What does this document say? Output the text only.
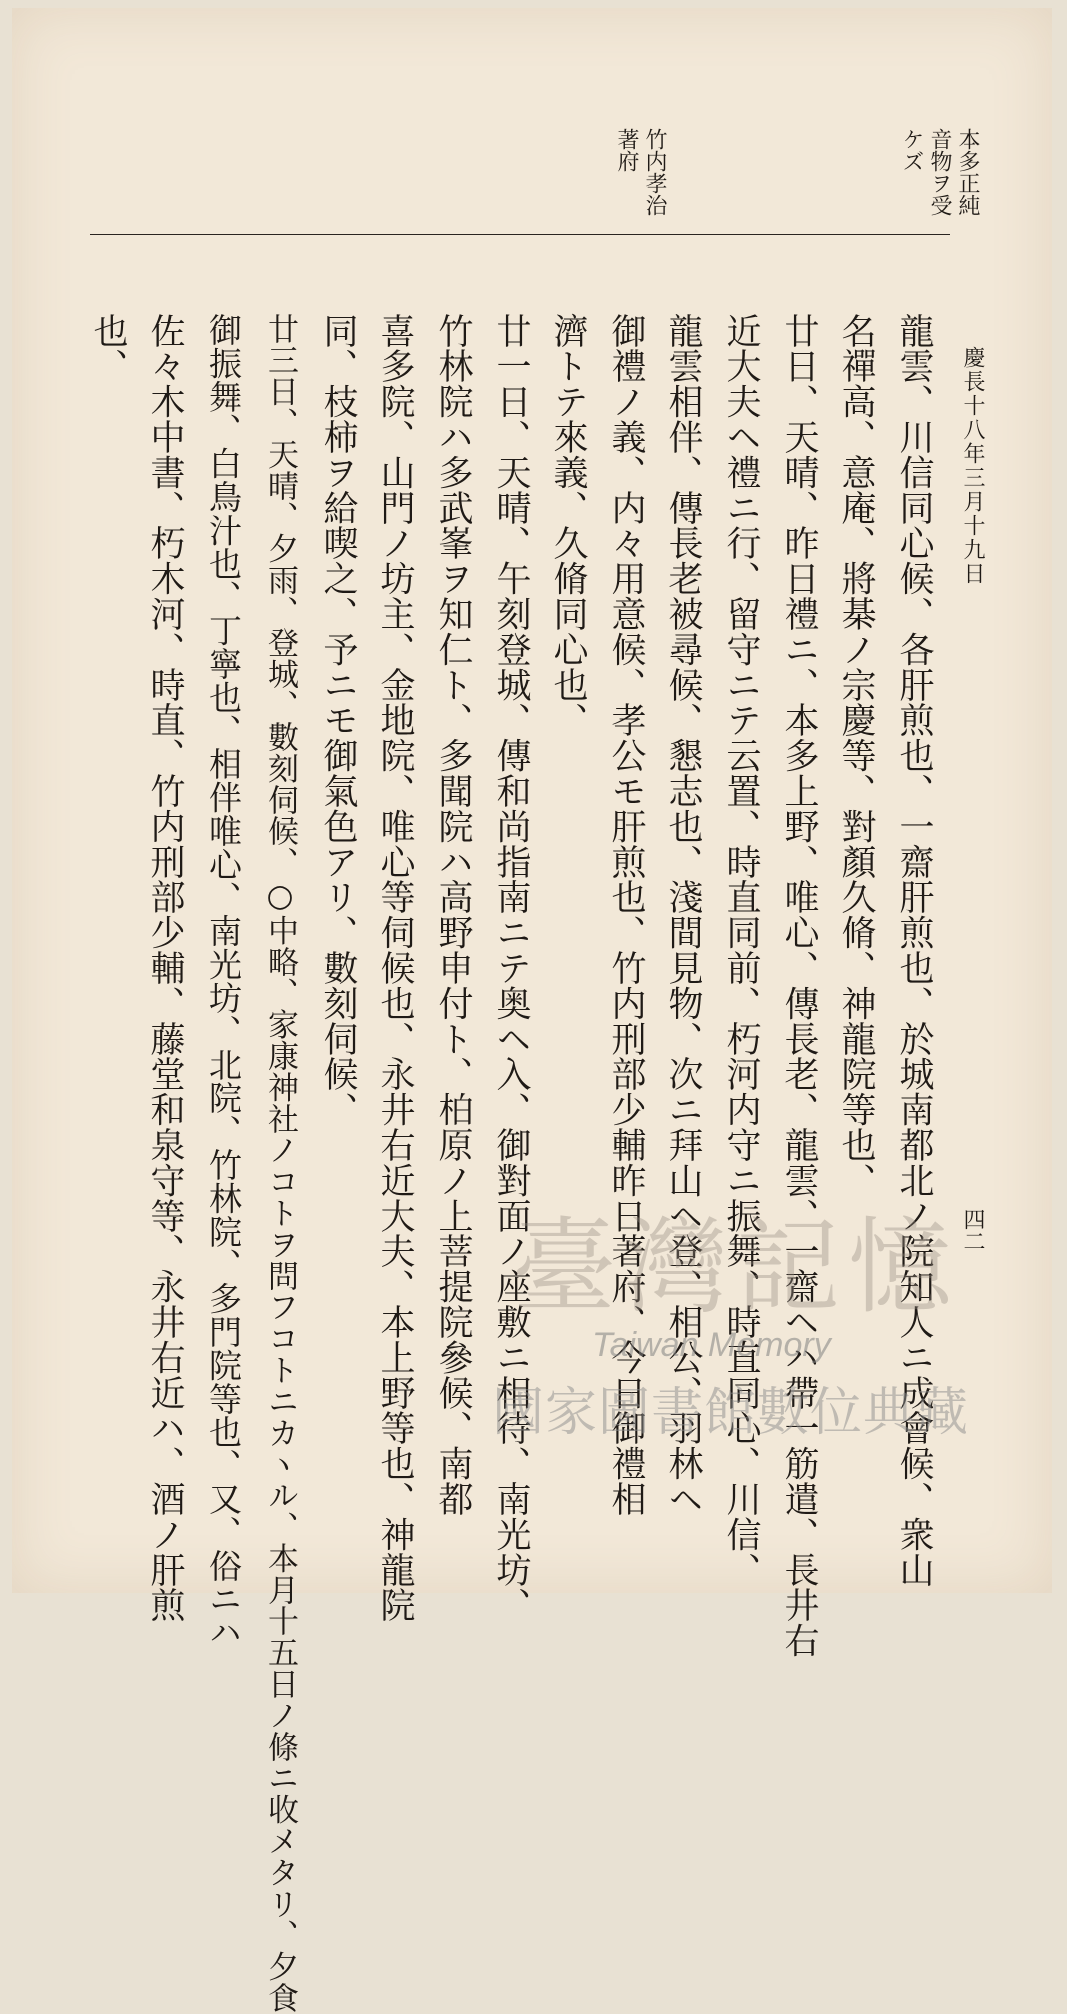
本多正純
音物ヲ受
ケズ
竹内孝治
著府
慶長十八年三月十九日
四二
龍雲、川信同心候、各肝煎也、一齋肝煎也、於城南都北ノ院知人ニ成會候、衆山
名禪高、意庵、將棊ノ宗慶等、對顏久脩、神龍院等也、
廿日、天晴、昨日禮ニ、本多上野、唯心、傳長老、龍雲、一齋ヘハ帶一筋遣、長井右
近大夫ヘ禮ニ行、留守ニテ云置、時直同前、朽河内守ニ振舞、時直同心、川信、
龍雲相伴、傳長老被尋候、懇志也、淺間見物、次ニ拜山ヘ登、相公、羽林ヘ
御禮ノ義、内々用意候、孝公モ肝煎也、竹内刑部少輔昨日著府、今日御禮相
濟トテ來義、久脩同心也、
廿一日、天晴、午刻登城、傳和尚指南ニテ奥ヘ入、御對面ノ座敷ニ相待、南光坊、
竹林院ハ多武峯ヲ知仁ト、多聞院ハ高野申付ト、柏原ノ上菩提院參候、南都
喜多院、山門ノ坊主、金地院、唯心等伺候也、永井右近大夫、本上野等也、神龍院
同、枝柿ヲ給喫之、予ニモ御氣色アリ、數刻伺候、
廿三日、天晴、夕雨、登城、數刻伺候、○中略、家康神社ノコトヲ問フコトニカヽル、本月十五日ノ條ニ收メタリ、夕食
御振舞、白鳥汁也、丁寧也、相伴唯心、南光坊、北院、竹林院、多門院等也、又、俗ニハ
佐々木中書、朽木河、時直、竹内刑部少輔、藤堂和泉守等、永井右近ハ、酒ノ肝煎
也、
臺灣記憶
Taiwan Memory
國家圖書館數位典藏
